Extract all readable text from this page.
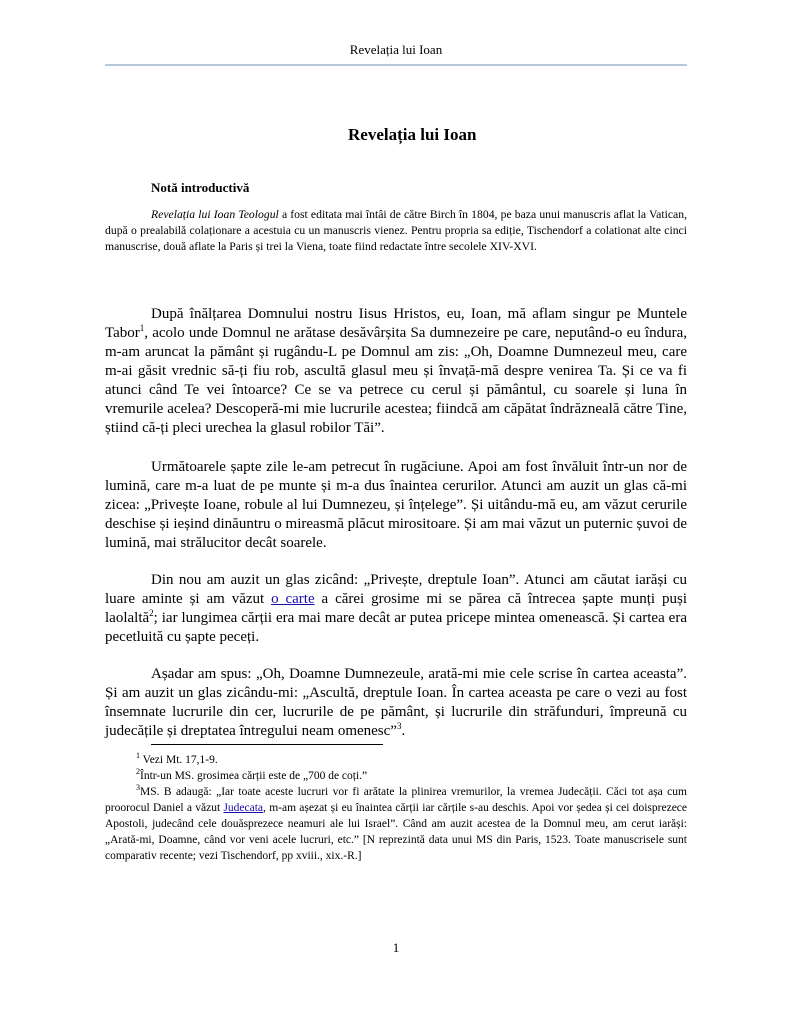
Revelația lui Ioan
Revelația lui Ioan
Notă introductivă

Revelația lui Ioan Teologul a fost editata mai întâi de către Birch în 1804, pe baza unui manuscris aflat la Vatican, după o prealabilă colaționare a acestuia cu un manuscris vienez. Pentru propria sa ediție, Tischendorf a colationat alte cinci manuscrise, două aflate la Paris și trei la Viena, toate fiind redactate între secolele XIV-XVI.

După înălțarea Domnului nostru Iisus Hristos, eu, Ioan, mă aflam singur pe Muntele Tabor$^1$, acolo unde Domnul ne arătase desăvârșita Sa dumnezeire pe care, neputând-o eu îndura, m-am aruncat la pământ și rugându-L pe Domnul am zis: „Oh, Doamne Dumnezeul meu, care m-ai găsit vrednic să-ți fiu rob, ascultă glasul meu și învață-mă despre venirea Ta. Și ce va fi atunci când Te vei întoarce? Ce se va petrece cu cerul și pământul, cu soarele și luna în vremurile acelea? Descoperă-mi mie lucrurile acestea; fiindcă am căpătat îndrăzneală către Tine, știind că-ți pleci urechea la glasul robilor Tăi”.

Următoarele șapte zile le-am petrecut în rugăciune. Apoi am fost învăluit într-un nor de lumină, care m-a luat de pe munte și m-a dus înaintea cerurilor. Atunci am auzit un glas că-mi zicea: „Privește Ioane, robule al lui Dumnezeu, și înțelege”. Și uitându-mă eu, am văzut cerurile deschise și ieșind dinăuntru o mireasmă plăcut mirositoare. Și am mai văzut un puternic șuvoi de lumină, mai strălucitor decât soarele.

Din nou am auzit un glas zicând: „Privește, dreptule Ioan”. Atunci am căutat iarăși cu luare aminte și am văzut o carte a cărei grosime mi se părea că întrecea șapte munți puși laolaltă$^2$; iar lungimea cărții era mai mare decât ar putea pricepe mintea omenească. Și cartea era pecetluită cu șapte peceți.

Așadar am spus: „Oh, Doamne Dumnezeule, arată-mi mie cele scrise în cartea aceasta”. Și am auzit un glas zicându-mi: „Ascultă, dreptule Ioan. În cartea aceasta pe care o vezi au fost însemnate lucrurile din cer, lucrurile de pe pământ, și lucrurile din străfunduri, împreună cu judecățile și dreptatea întregului neam omenesc”$^3$.

$^1$ Vezi Mt. 17,1-9.

$^2$Într-un MS. grosimea cărții este de „700 de coți.”

$^3$MS. B adaugă: „Iar toate aceste lucruri vor fi arătate la plinirea vremurilor, la vremea Judecății. Căci tot așa cum proorocul Daniel a văzut Judecata, m-am așezat și eu înaintea cărții iar cărțile s-au deschis. Apoi vor ședea și cei doisprezece Apostoli, judecând cele douăsprezece neamuri ale lui Israel”. Când am auzit acestea de la Domnul meu, am cerut iarăși: „Arată-mi, Doamne, când vor veni acele lucruri, etc.” [N reprezintă data unui MS din Paris, 1523. Toate manuscrisele sunt comparativ recente; vezi Tischendorf, pp xviii., xix.-R.]

1
